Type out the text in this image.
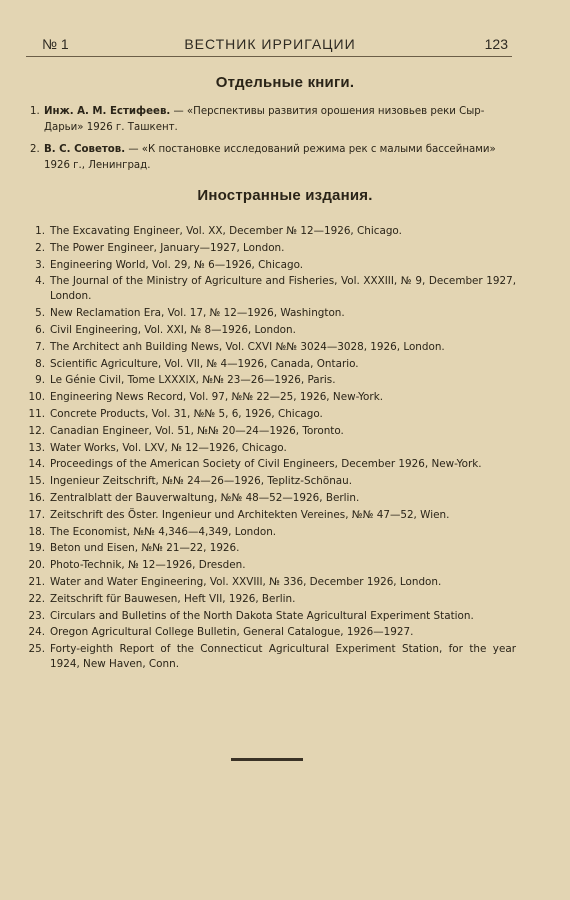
№ 1	ВЕСТНИК ИРРИГАЦИИ	123
Отдельные книги.
1. Инж. А. М. Естифеев. — «Перспективы развития орошения низовьев реки Сыр-Дарьи» 1926 г. Ташкент.
2. В. С. Советов. — «К постановке исследований режима рек с малыми бассейнами» 1926 г., Ленинград.
Иностранные издания.
1. The Excavating Engineer, Vol. XX, December № 12—1926, Chicago.
2. The Power Engineer, January—1927, London.
3. Engineering World, Vol. 29, № 6—1926, Chicago.
4. The Journal of the Ministry of Agriculture and Fisheries, Vol. XXXIII, № 9, December 1927, London.
5. New Reclamation Era, Vol. 17, № 12—1926, Washington.
6. Civil Engineering, Vol. XXI, № 8—1926, London.
7. The Architect anh Building News, Vol. CXVI №№ 3024—3028, 1926, London.
8. Scientific Agriculture, Vol. VII, № 4—1926, Canada, Ontario.
9. Le Génie Civil, Tome LXXXIX, №№ 23—26—1926, Paris.
10. Engineering News Record, Vol. 97, №№ 22—25, 1926, New-York.
11. Concrete Products, Vol. 31, №№ 5, 6, 1926, Chicago.
12. Canadian Engineer, Vol. 51, №№ 20—24—1926, Toronto.
13. Water Works, Vol. LXV, № 12—1926, Chicago.
14. Proceedings of the American Society of Civil Engineers, December 1926, New-York.
15. Ingenieur Zeitschrift, №№ 24—26—1926, Teplitz-Schönau.
16. Zentralblatt der Bauverwaltung, №№ 48—52—1926, Berlin.
17. Zeitschrift des Öster. Ingenieur und Architekten Vereines, №№ 47—52, Wien.
18. The Economist, №№ 4,346—4,349, London.
19. Beton und Eisen, №№ 21—22, 1926.
20. Photo-Technik, № 12—1926, Dresden.
21. Water and Water Engineering, Vol. XXVIII, № 336, December 1926, London.
22. Zeitschrift für Bauwesen, Heft VII, 1926, Berlin.
23. Circulars and Bulletins of the North Dakota State Agricultural Experiment Station.
24. Oregon Agricultural College Bulletin, General Catalogue, 1926—1927.
25. Forty-eighth Report of the Connecticut Agricultural Experiment Station, for the year 1924, New Haven, Conn.
